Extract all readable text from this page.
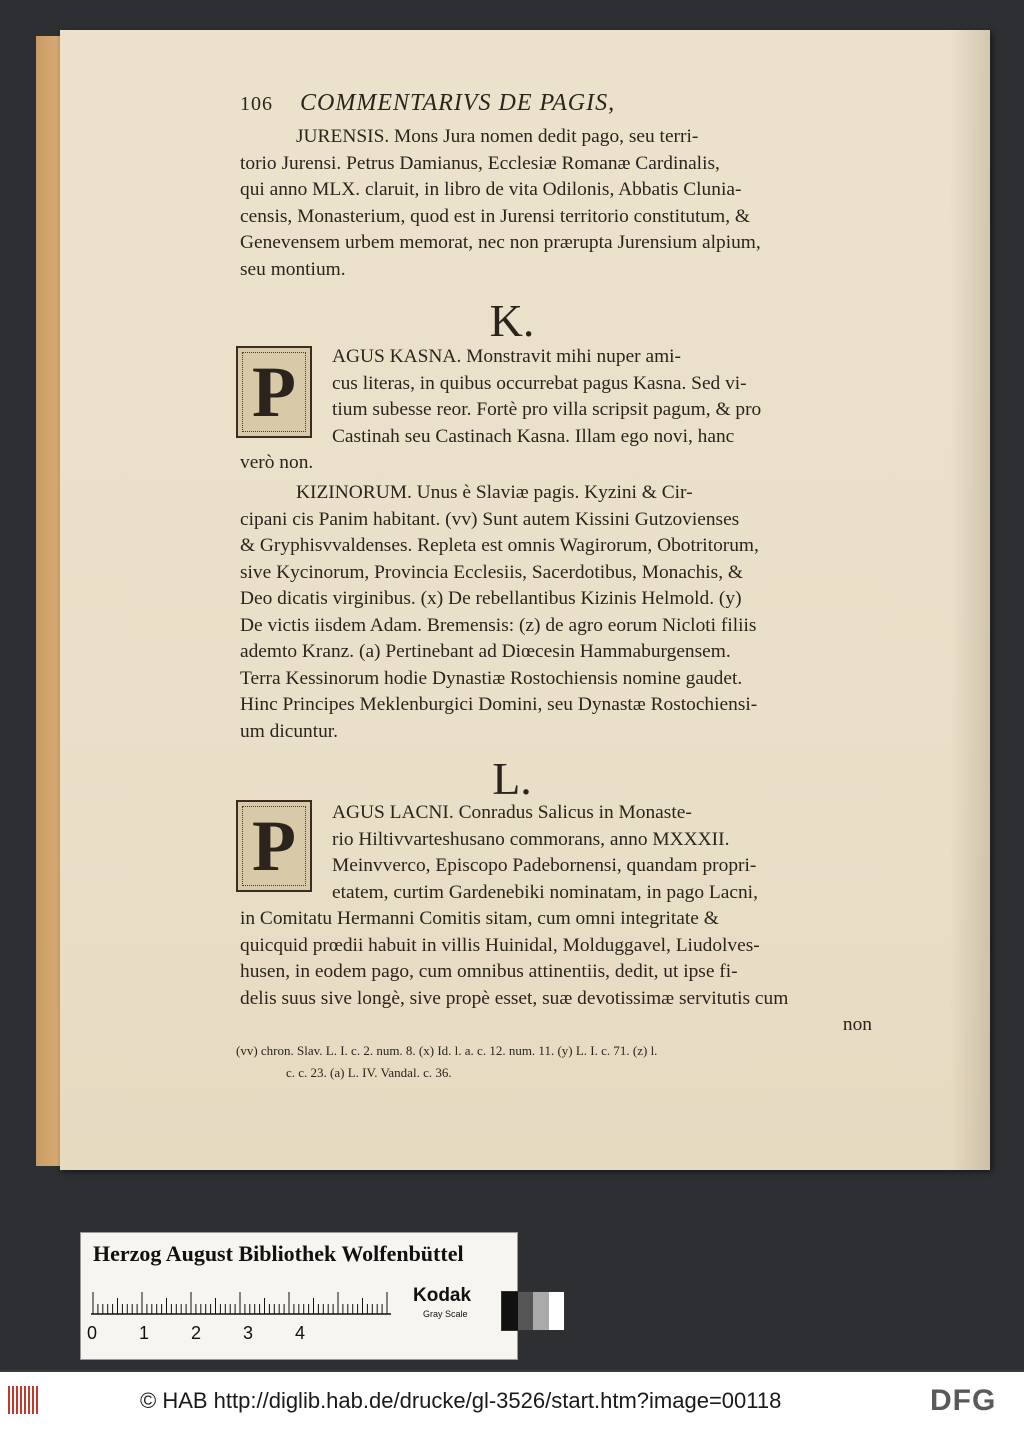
106 COMMENTARIVS DE PAGIS,
JURENSIS. Mons Jura nomen dedit pago, seu terri-
torio Jurensi. Petrus Damianus, Ecclesiæ Romanæ Cardinalis,
qui anno MLX. claruit, in libro de vita Odilonis, Abbatis Clunia-
censis, Monasterium, quod est in Jurensi territorio constitutum, &
Genevensem urbem memorat, nec non prærupta Jurensium alpium,
seu montium.
K.
P	AGUS KASNA. Monstravit mihi nuper ami-
cus literas, in quibus occurrebat pagus Kasna. Sed vi-
tium subesse reor. Fortè pro villa scripsit pagum, & pro
Castinah seu Castinach Kasna. Illam ego novi, hanc
verò non.
KIZINORUM. Unus è Slaviæ pagis. Kyzini & Cir-
cipani cis Panim habitant. (vv) Sunt autem Kissini Gutzovienses
& Gryphisvvaldenses. Repleta est omnis Wagirorum, Obotritorum,
sive Kycinorum, Provincia Ecclesiis, Sacerdotibus, Monachis, &
Deo dicatis virginibus. (x) De rebellantibus Kizinis Helmold. (y)
De victis iisdem Adam. Bremensis: (z) de agro eorum Nicloti filiis
ademto Kranz. (a) Pertinebant ad Diœcesin Hammaburgensem.
Terra Kessinorum hodie Dynastiæ Rostochiensis nomine gaudet.
Hinc Principes Meklenburgici Domini, seu Dynastæ Rostochiensi-
um dicuntur.
L.
P	AGUS LACNI. Conradus Salicus in Monaste-
rio Hiltivvarteshusano commorans, anno MXXXII.
Meinvverco, Episcopo Padebornensi, quandam propri-
etatem, curtim Gardenebiki nominatam, in pago Lacni,
in Comitatu Hermanni Comitis sitam, cum omni integritate &
quicquid prœdii habuit in villis Huinidal, Molduggavel, Liudolves-
husen, in eodem pago, cum omnibus attinentiis, dedit, ut ipse fi-
delis suus sive longè, sive propè esset, suæ devotissimæ servitutis cum
non
(vv) chron. Slav. L. I. c. 2. num. 8. (x) Id. l. a. c. 12. num. 11. (y) L. I. c. 71. (z) l.
c. c. 23. (a) L. IV. Vandal. c. 36.
Herzog August Bibliothek Wolfenbüttel
0 1 2 3 4
Kodak
Gray Scale
© HAB http://diglib.hab.de/drucke/gl-3526/start.htm?image=00118	DFG
